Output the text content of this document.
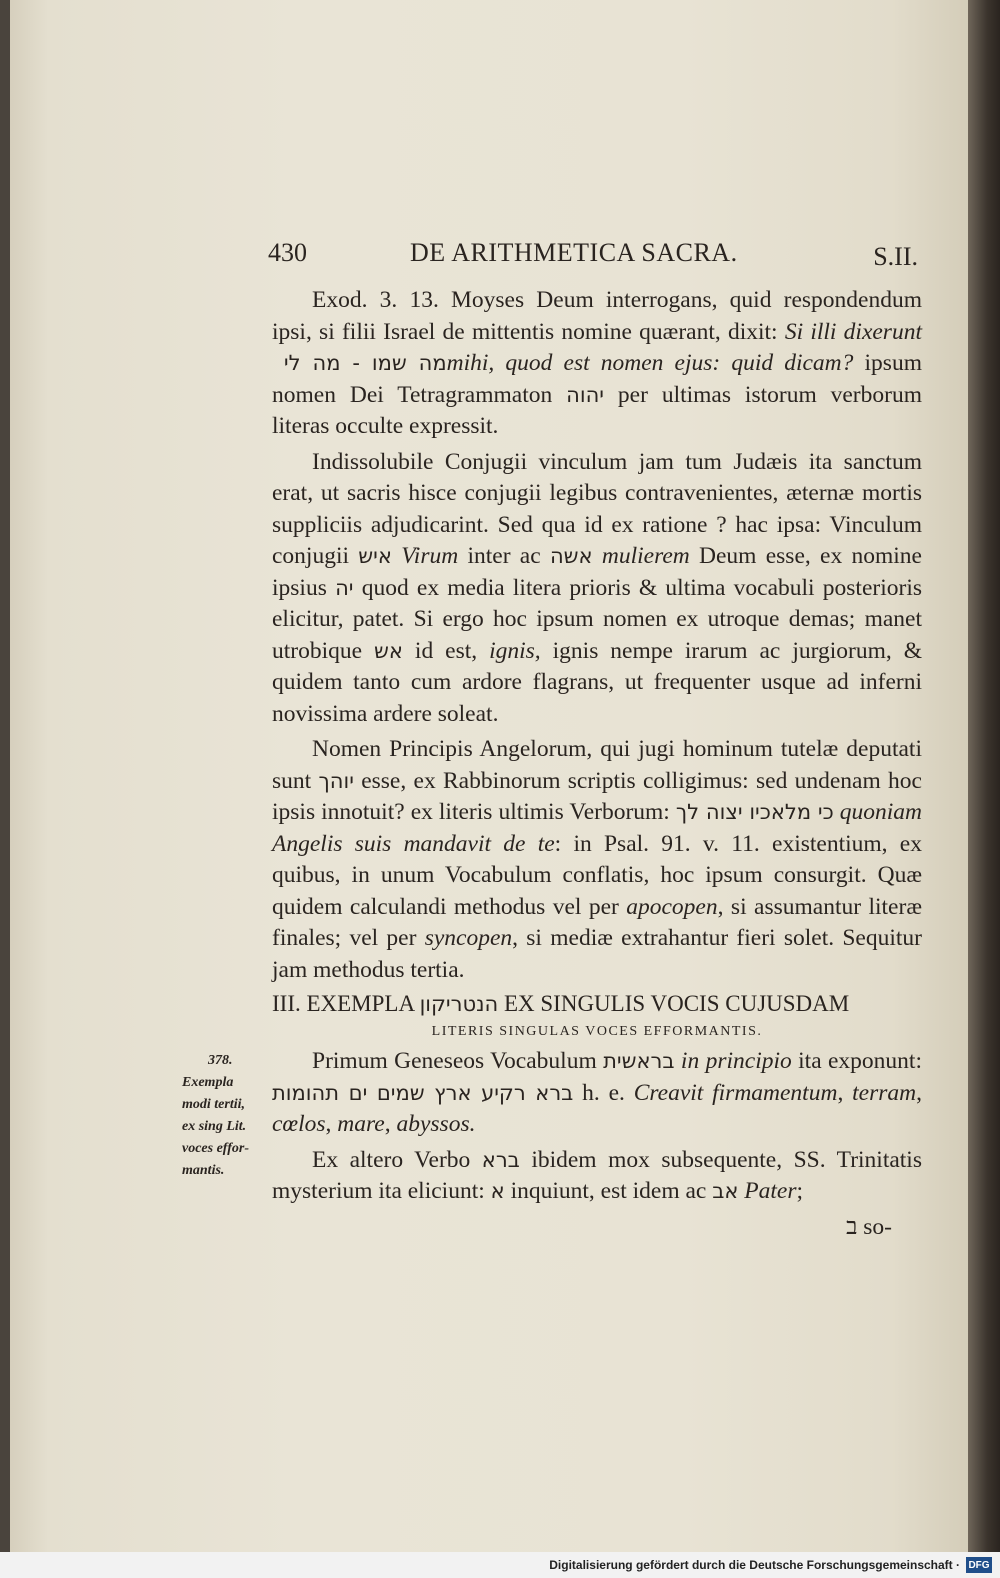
430	DE ARITHMETICA SACRA.	S.II.

Exod. 3. 13. Moyses Deum interrogans, quid respondendum ipsi, si filii Israel de mittentis nomine quærant, dixit: Si illi dixerunt מה שמו - מה לי mihi, quod est nomen ejus: quid dicam? ipsum nomen Dei Tetragrammaton יהוה per ultimas istorum verborum literas occulte expressit.

Indissolubile Conjugii vinculum jam tum Judæis ita sanctum erat, ut sacris hisce conjugii legibus contravenientes, æternæ mortis suppliciis adjudicarint. Sed qua id ex ratione ? hac ipsa: Vinculum conjugii איש Virum inter ac אשה mulierem Deum esse, ex nomine ipsius יה quod ex media litera prioris & ultima vocabuli posterioris elicitur, patet. Si ergo hoc ipsum nomen ex utroque demas; manet utrobique אש id est, ignis, ignis nempe irarum ac jurgiorum, & quidem tanto cum ardore flagrans, ut frequenter usque ad inferni novissima ardere soleat.

Nomen Principis Angelorum, qui jugi hominum tutelæ deputati sunt יוהך esse, ex Rabbinorum scriptis colligimus: sed undenam hoc ipsis innotuit? ex literis ultimis Verborum: כי מלאכיו יצוה לך quoniam Angelis suis mandavit de te: in Psal. 91. v. 11. existentium, ex quibus, in unum Vocabulum conflatis, hoc ipsum consurgit. Quæ quidem calculandi methodus vel per apocopen, si assumantur literæ finales; vel per syncopen, si mediæ extrahantur fieri solet. Sequitur jam methodus tertia.

III. EXEMPLA הנטריקון EX SINGULIS VOCIS CUJUSDAM

LITERIS SINGULAS VOCES EFFORMANTIS.

Primum Geneseos Vocabulum בראשית in principio ita exponunt: ברא רקיע ארץ שמים ים תהומות h. e. Creavit firmamentum, terram, cœlos, mare, abyssos.

Ex altero Verbo ברא ibidem mox subsequente, SS. Trinitatis mysterium ita eliciunt: א inquiunt, est idem ac אב Pater;

ב so-

378.
Exempla
modi tertii,
ex sing Lit.
voces effor-
mantis.
Digitalisierung gefördert durch die Deutsche Forschungsgemeinschaft · DFG
